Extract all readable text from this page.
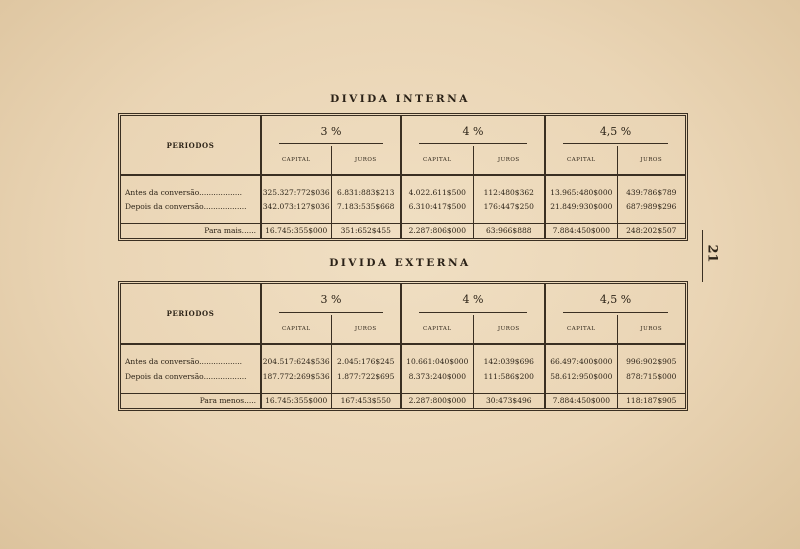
DIVIDA INTERNA
PERIODOS	3 %		4 %		4,5 %	
	CAPITAL	JUROS	CAPITAL	JUROS	CAPITAL	JUROS

Antes da conversão..................	325.327:772$036	6.831:883$213	4.022.611$500	112:480$362	13.965:480$000	439:786$789
Depois da conversão..................	342.073:127$036	7.183:535$668	6.310:417$500	176:447$250	21.849:930$000	687:989$296

Para mais......	16.745:355$000	351:652$455	2.287:806$000	63:966$888	7.884:450$000	248:202$507
DIVIDA EXTERNA
PERIODOS	3 %		4 %		4,5 %	
	CAPITAL	JUROS	CAPITAL	JUROS	CAPITAL	JUROS

Antes da conversão..................	204.517:624$536	2.045:176$245	10.661:040$000	142:039$696	66.497:400$000	996:902$905
Depois da conversão..................	187.772:269$536	1.877:722$695	8.373:240$000	111:586$200	58.612:950$000	878:715$000

Para menos.....	16.745:355$000	167:453$550	2.287:800$000	30:473$496	7.884:450$000	118:187$905
21
